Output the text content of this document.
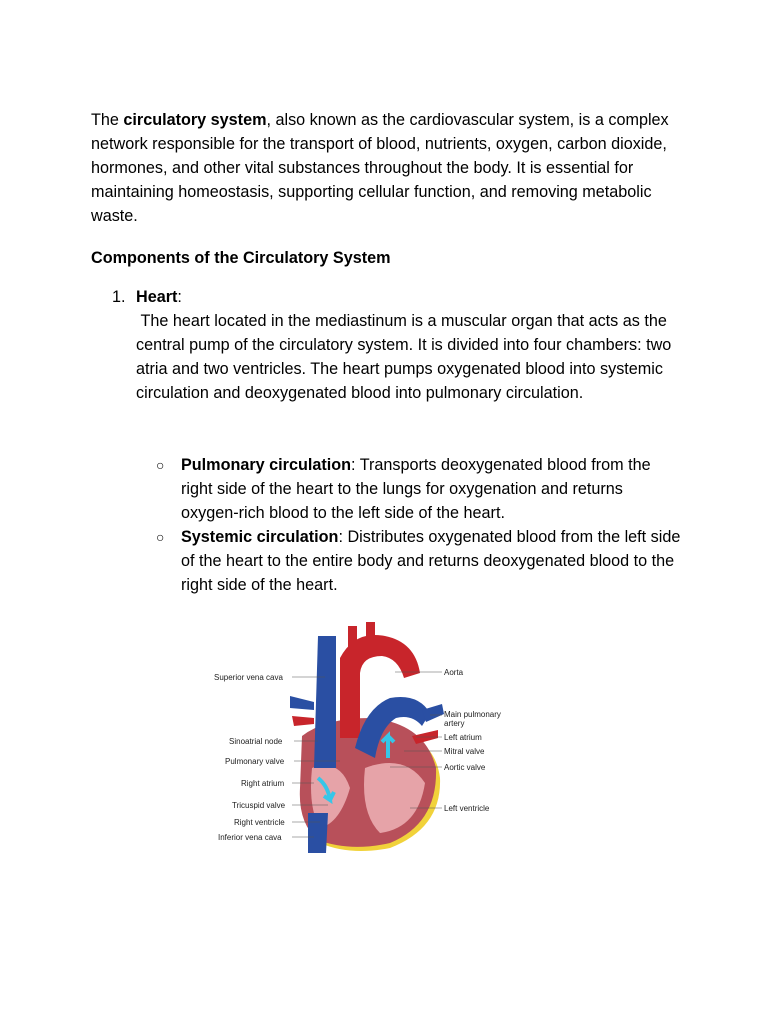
The circulatory system, also known as the cardiovascular system, is a complex network responsible for the transport of blood, nutrients, oxygen, carbon dioxide, hormones, and other vital substances throughout the body. It is essential for maintaining homeostasis, supporting cellular function, and removing metabolic waste.

Components of the Circulatory System

1. Heart:

The heart located in the mediastinum is a muscular organ that acts as the central pump of the circulatory system. It is divided into four chambers: two atria and two ventricles. The heart pumps oxygenated blood into systemic circulation and deoxygenated blood into pulmonary circulation.

○ Pulmonary circulation: Transports deoxygenated blood from the right side of the heart to the lungs for oxygenation and returns oxygen-rich blood to the left side of the heart.

○ Systemic circulation: Distributes oxygenated blood from the left side of the heart to the entire body and returns deoxygenated blood to the right side of the heart.

Superior vena cava
Sinoatrial node
Pulmonary valve
Right atrium
Tricuspid valve
Right ventricle
Inferior vena cava
Aorta
Main pulmonary
artery
Left atrium
Mitral valve
Aortic valve
Left ventricle
